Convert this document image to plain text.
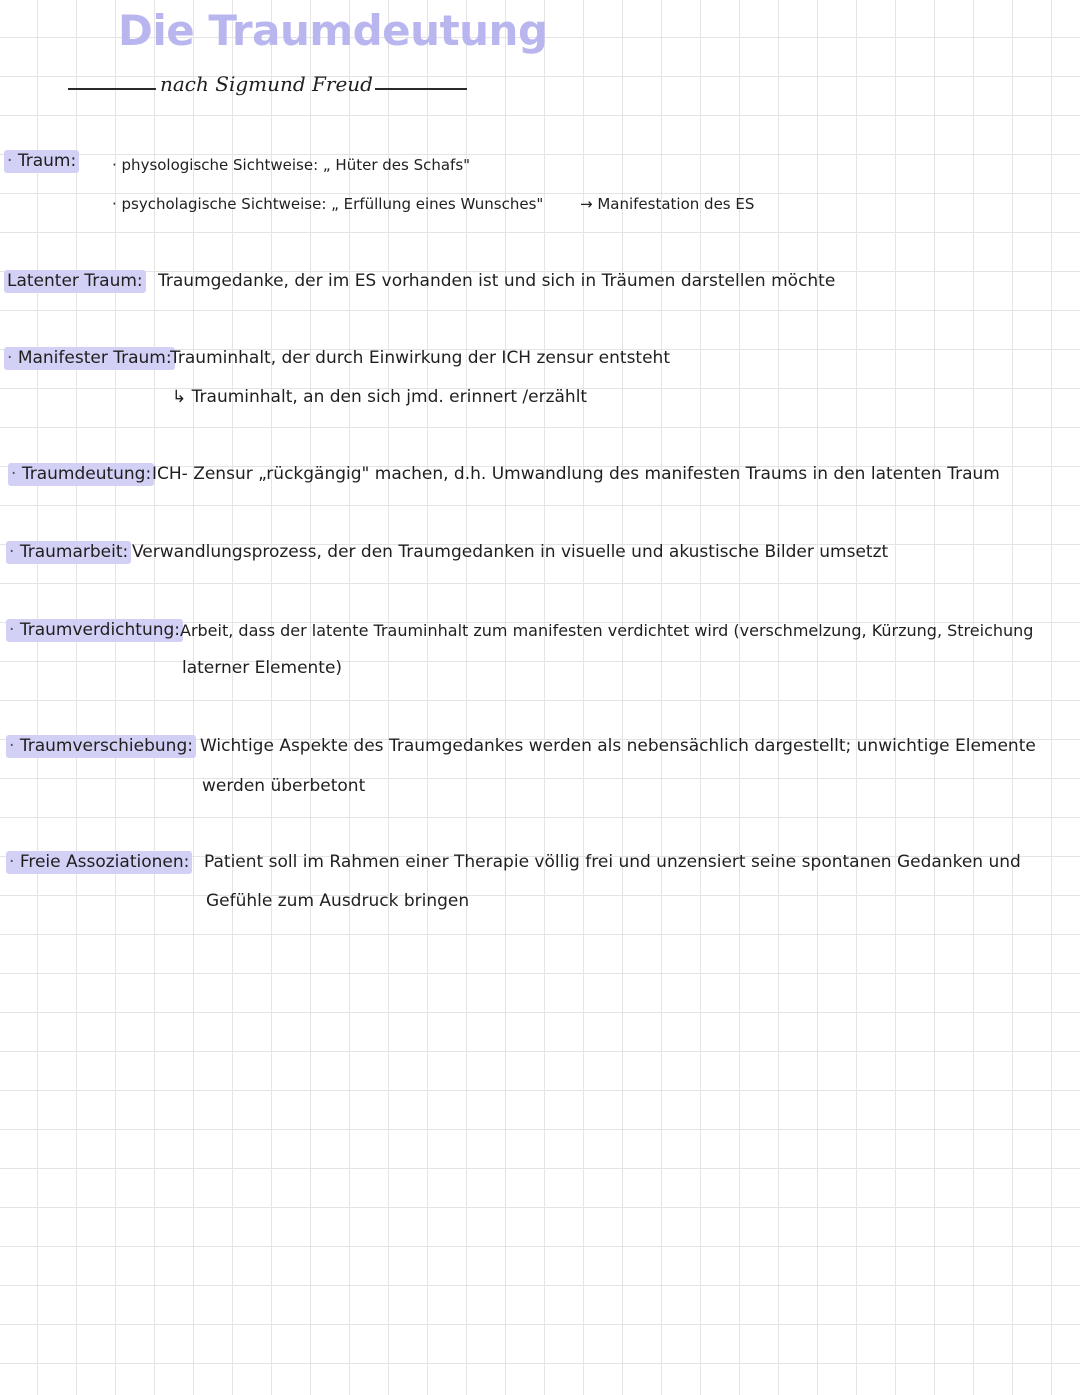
Die Traumdeutung
nach Sigmund Freud
· Traum: · physologische Sichtweise: „ Hüter des Schafs"
· psycholagische Sichtweise: „ Erfüllung eines Wunsches" → Manifestation des ES
Latenter Traum: Traumgedanke, der im ES vorhanden ist und sich in Träumen darstellen möchte
· Manifester Traum:
Trauminhalt, der durch Einwirkung der ICH zensur entsteht
↳ Trauminhalt, an den sich jmd. erinnert /erzählt
· Traumdeutung: ICH- Zensur „rückgängig" machen, d.h. Umwandlung des manifesten Traums in den latenten Traum
· Traumarbeit: Verwandlungsprozess, der den Traumgedanken in visuelle und akustische Bilder umsetzt
· Traumverdichtung: Arbeit, dass der latente Trauminhalt zum manifesten verdichtet wird (verschmelzung, Kürzung, Streichung
laterner Elemente)
· Traumverschiebung: Wichtige Aspekte des Traumgedankes werden als nebensächlich dargestellt; unwichtige Elemente
werden überbetont
· Freie Assoziationen: Patient soll im Rahmen einer Therapie völlig frei und unzensiert seine spontanen Gedanken und
Gefühle zum Ausdruck bringen
